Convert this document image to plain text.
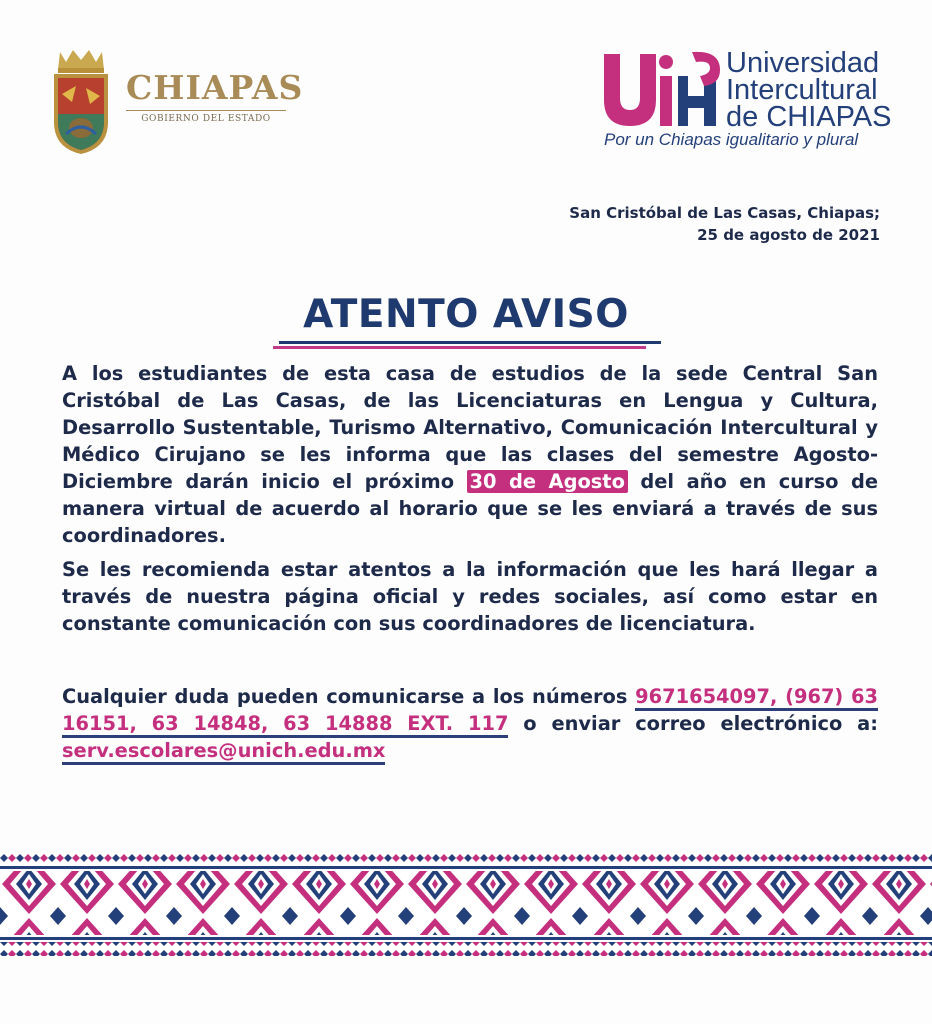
CHIAPAS
GOBIERNO DEL ESTADO
Universidad
Intercultural
de CHIAPAS
Por un Chiapas igualitario y plural
San Cristóbal de Las Casas, Chiapas;
25 de agosto de 2021
ATENTO AVISO
A los estudiantes de esta casa de estudios de la sede Central San Cristóbal de Las Casas, de las Licenciaturas en Lengua y Cultura, Desarrollo Sustentable, Turismo Alternativo, Comunicación Intercultural y Médico Cirujano se les informa que las clases del semestre Agosto-Diciembre darán inicio el próximo 30 de Agosto del año en curso de manera virtual de acuerdo al horario que se les enviará a través de sus coordinadores.
Se les recomienda estar atentos a la información que les hará llegar a través de nuestra página oficial y redes sociales, así como estar en constante comunicación con sus coordinadores de licenciatura.
Cualquier duda pueden comunicarse a los números 9671654097, (967) 63 16151, 63 14848, 63 14888 EXT. 117 o enviar correo electrónico a: serv.escolares@unich.edu.mx
